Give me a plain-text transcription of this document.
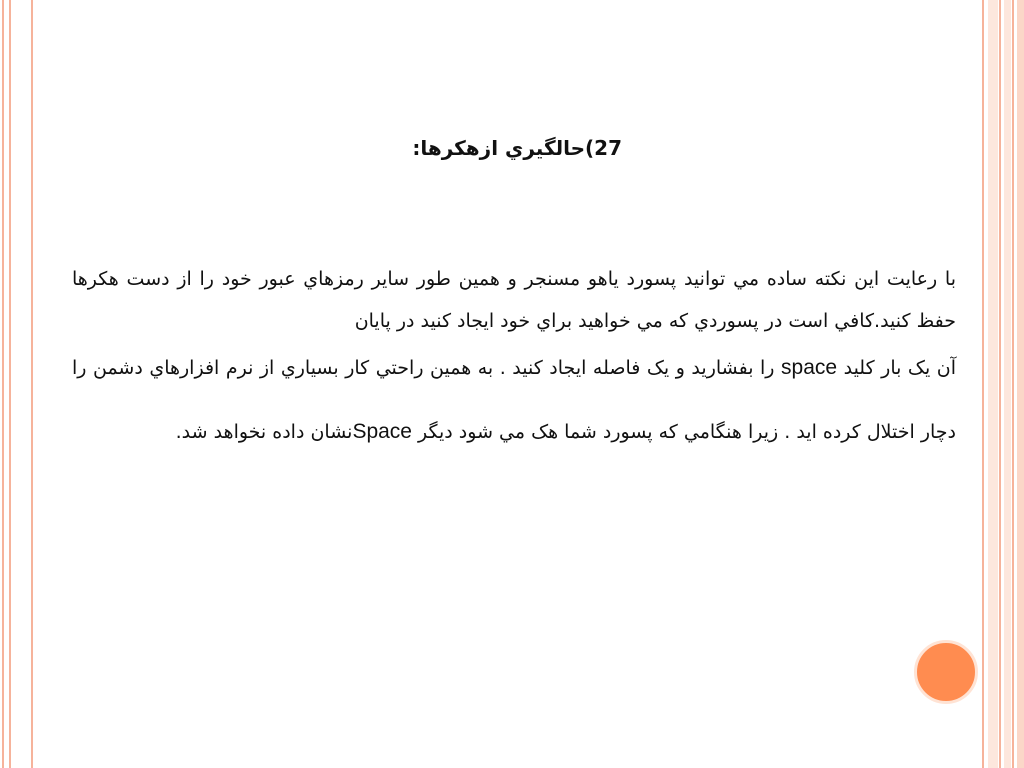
27)حالگيري ازهکرها:

با رعايت اين نکته ساده مي توانيد پسورد ياهو مسنجر و همين طور ساير رمزهاي عبور خود را از دست هکرها حفظ کنيد.کافي است در پسوردي که مي خواهيد براي خود ايجاد کنيد در پايان

آن يک بار کليد space را بفشاريد و يک فاصله ايجاد کنيد . به همين راحتي کار بسياري از نرم افزارهاي دشمن را دچار اختلال کرده ايد . زيرا هنگامي که پسورد شما هک مي شود ديگر Spaceنشان داده نخواهد شد.
